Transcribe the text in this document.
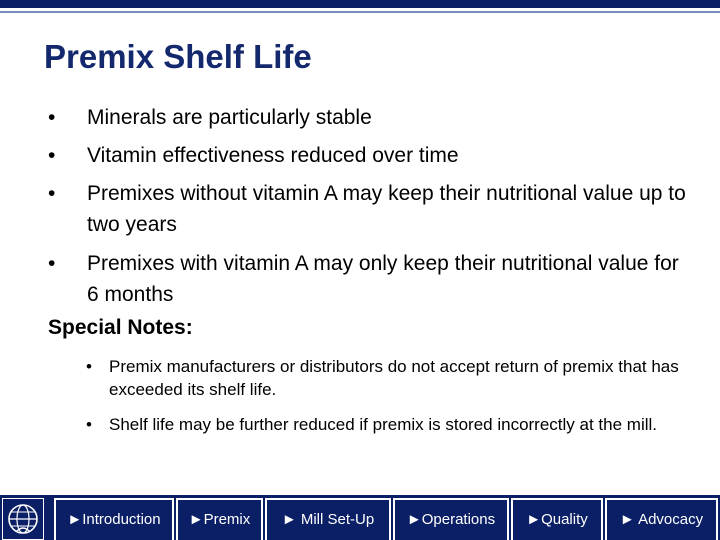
Premix Shelf Life
•	Minerals are particularly stable
•	Vitamin effectiveness reduced over time
•	Premixes without vitamin A may keep their nutritional value up to two years
•	Premixes with vitamin A may only keep their nutritional value for 6 months
Special Notes:
• Premix manufacturers or distributors do not accept return of premix that has exceeded its shelf life.
• Shelf life may be further reduced if premix is stored incorrectly at the mill.
►Introduction	►Premix	► Mill Set-Up	►Operations	►Quality	► Advocacy
